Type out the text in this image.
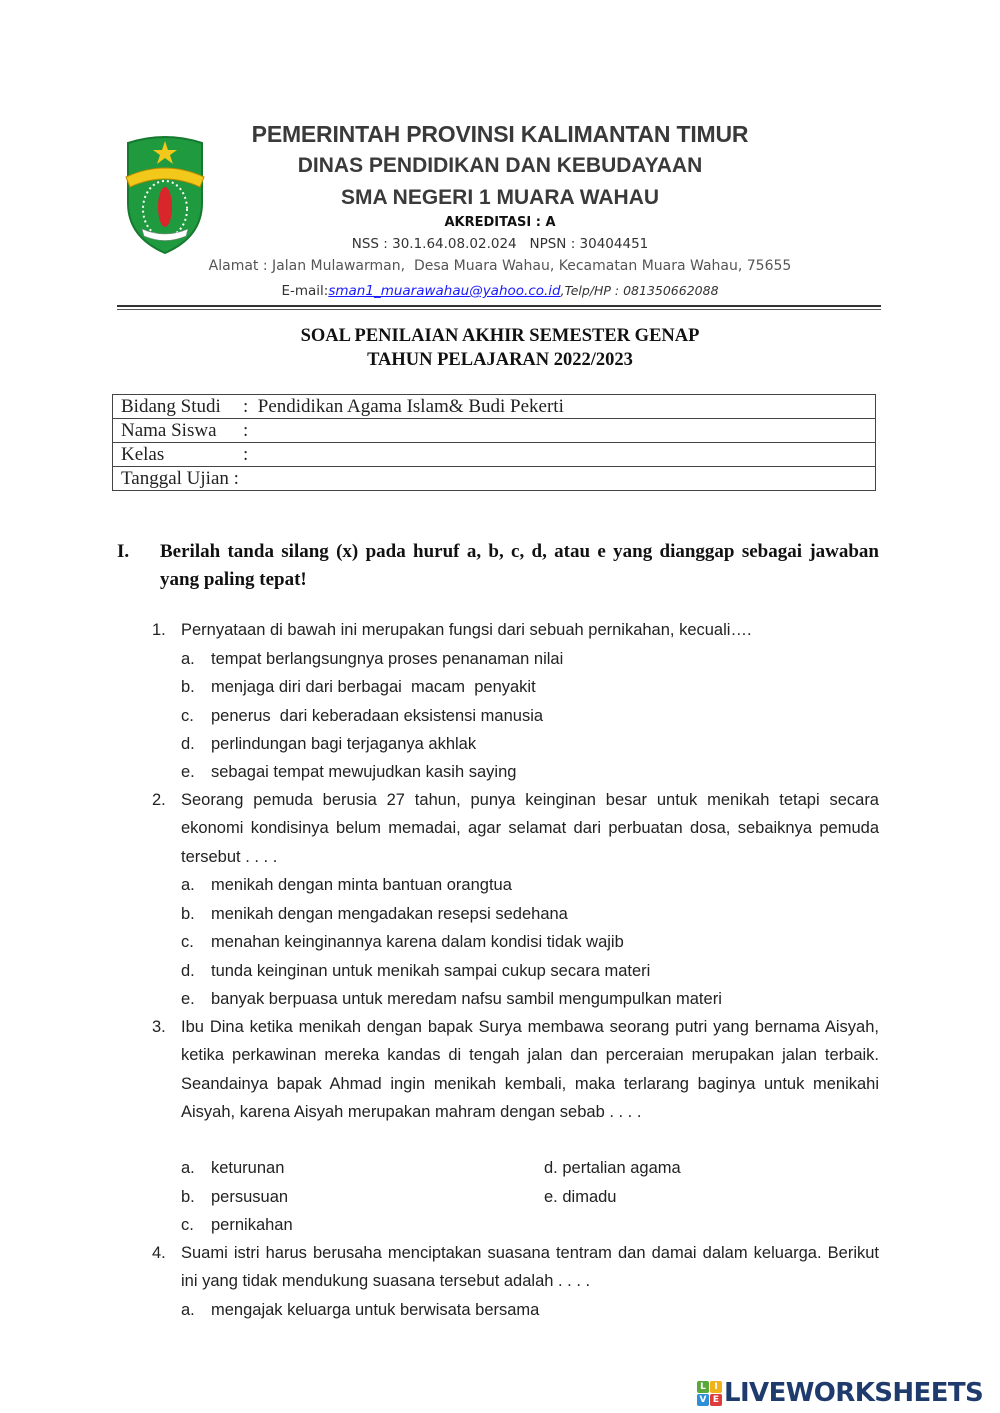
PEMERINTAH PROVINSI KALIMANTAN TIMUR
DINAS PENDIDIKAN DAN KEBUDAYAAN
SMA NEGERI 1 MUARA WAHAU
AKREDITASI : A
NSS : 30.1.64.08.02.024   NPSN : 30404451
Alamat : Jalan Mulawarman,  Desa Muara Wahau, Kecamatan Muara Wahau, 75655
E-mail:sman1_muarawahau@yahoo.co.id,Telp/HP : 081350662088
SOAL PENILAIAN AKHIR SEMESTER GENAP
TAHUN PELAJARAN 2022/2023
Bidang Studi : Pendidikan Agama Islam& Budi Pekerti
Nama Siswa :
Kelas	:
Tanggal Ujian :
I. Berilah tanda silang (x) pada huruf a, b, c, d, atau e yang dianggap sebagai jawaban yang paling tepat!
1. Pernyataan di bawah ini merupakan fungsi dari sebuah pernikahan, kecuali….
a. tempat berlangsungnya proses penanaman nilai
b. menjaga diri dari berbagai  macam  penyakit
c. penerus  dari keberadaan eksistensi manusia
d. perlindungan bagi terjaganya akhlak
e. sebagai tempat mewujudkan kasih saying
2. Seorang pemuda berusia 27 tahun, punya keinginan besar untuk menikah tetapi secara ekonomi kondisinya belum memadai, agar selamat dari perbuatan dosa, sebaiknya pemuda tersebut . . . .
a. menikah dengan minta bantuan orangtua
b. menikah dengan mengadakan resepsi sedehana
c. menahan keinginannya karena dalam kondisi tidak wajib
d. tunda keinginan untuk menikah sampai cukup secara materi
e. banyak berpuasa untuk meredam nafsu sambil mengumpulkan materi
3. Ibu Dina ketika menikah dengan bapak Surya membawa seorang putri yang bernama Aisyah, ketika perkawinan mereka kandas di tengah jalan dan perceraian merupakan jalan terbaik. Seandainya bapak Ahmad ingin menikah kembali, maka terlarang baginya untuk menikahi Aisyah, karena Aisyah merupakan mahram dengan sebab . . . .
a. keturunan
b. persusuan
c. pernikahan
d. pertalian agama
e. dimadu
4. Suami istri harus berusaha menciptakan suasana tentram dan damai dalam keluarga. Berikut ini yang tidak mendukung suasana tersebut adalah . . . .
a. mengajak keluarga untuk berwisata bersama
L I
V E LIVEWORKSHEETS
